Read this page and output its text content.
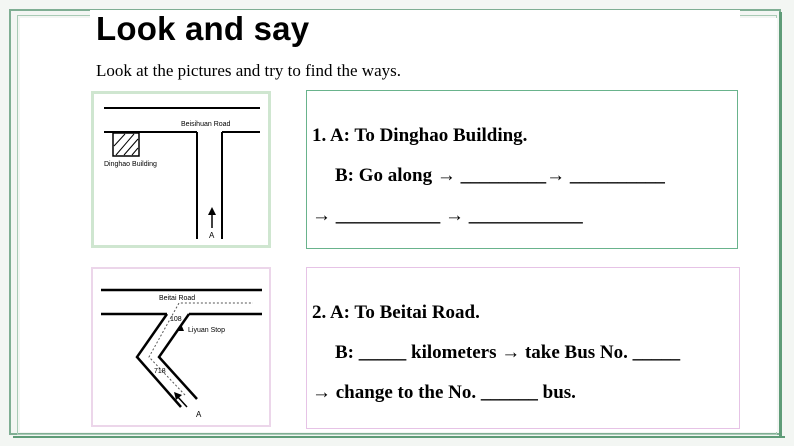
Look and say
Look at the pictures and try to find the ways.
Beisihuan Road
Dinghao Building
A
Beitai Road
108
Liyuan Stop
718
A
1. A: To Dinghao Building.
B: Go along → _________→ __________
→ ___________ → ____________
2. A: To Beitai Road.
B: _____ kilometers → take Bus No. _____
→ change to the No. ______ bus.
